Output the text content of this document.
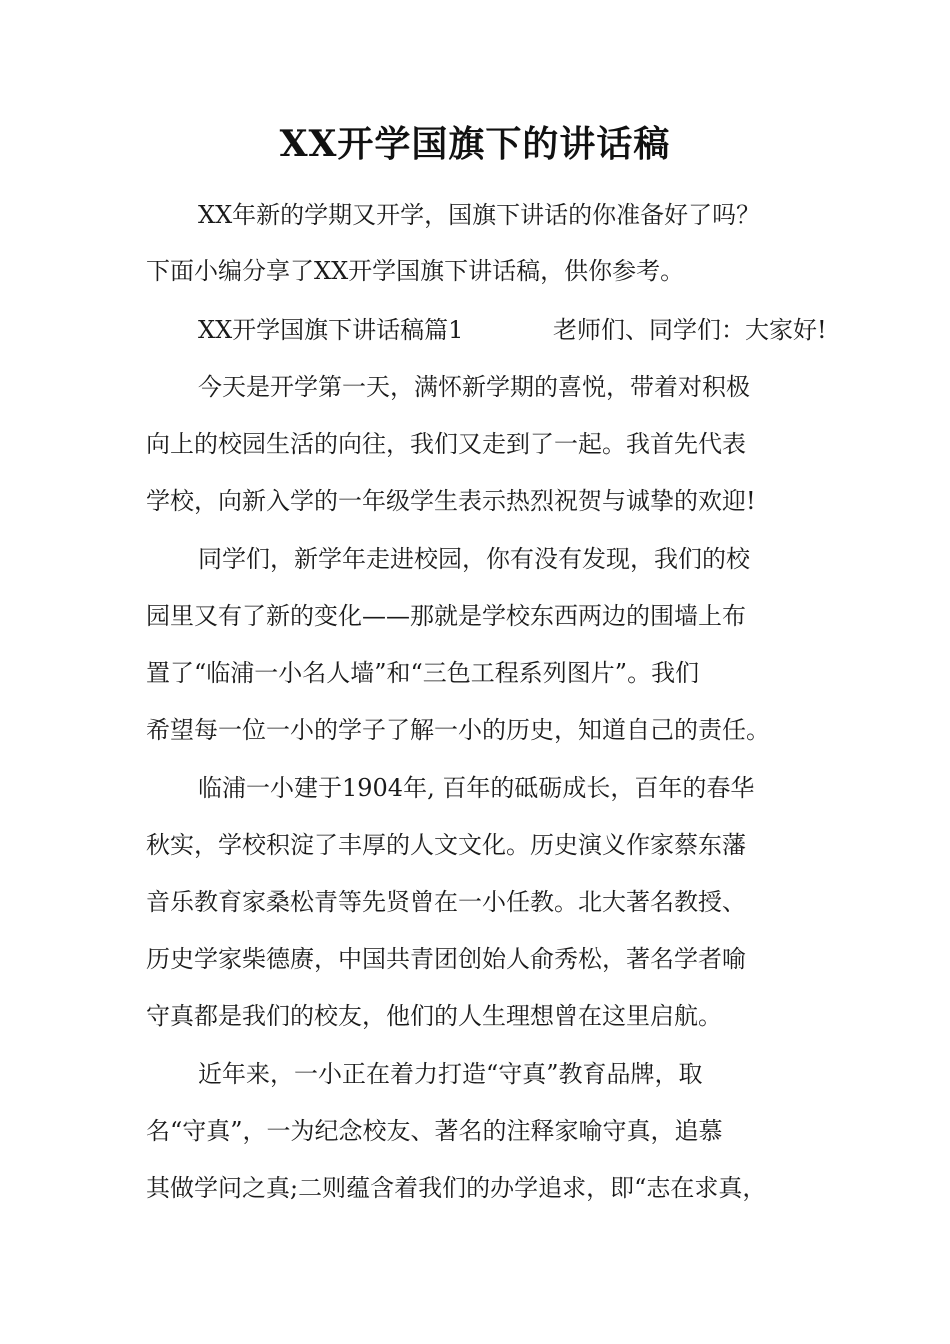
XX开学国旗下的讲话稿
XX年新的学期又开学，国旗下讲话的你准备好了吗？
下面小编分享了XX开学国旗下讲话稿，供你参考。
XX开学国旗下讲话稿篇1	老师们、同学们：大家好!
今天是开学第一天，满怀新学期的喜悦，带着对积极
向上的校园生活的向往，我们又走到了一起。我首先代表
学校，向新入学的一年级学生表示热烈祝贺与诚挚的欢迎!
同学们，新学年走进校园，你有没有发现，我们的校
园里又有了新的变化——那就是学校东西两边的围墙上布
置了“临浦一小名人墙”和“三色工程系列图片”。我们
希望每一位一小的学子了解一小的历史，知道自己的责任。
临浦一小建于1904年, 百年的砥砺成长，百年的春华
秋实，学校积淀了丰厚的人文文化。历史演义作家蔡东藩
音乐教育家桑松青等先贤曾在一小任教。北大著名教授、
历史学家柴德赓，中国共青团创始人俞秀松，著名学者喻
守真都是我们的校友，他们的人生理想曾在这里启航。
近年来，一小正在着力打造“守真”教育品牌，取
名“守真”，一为纪念校友、著名的注释家喻守真，追慕
其做学问之真;二则蕴含着我们的办学追求，即“志在求真，
